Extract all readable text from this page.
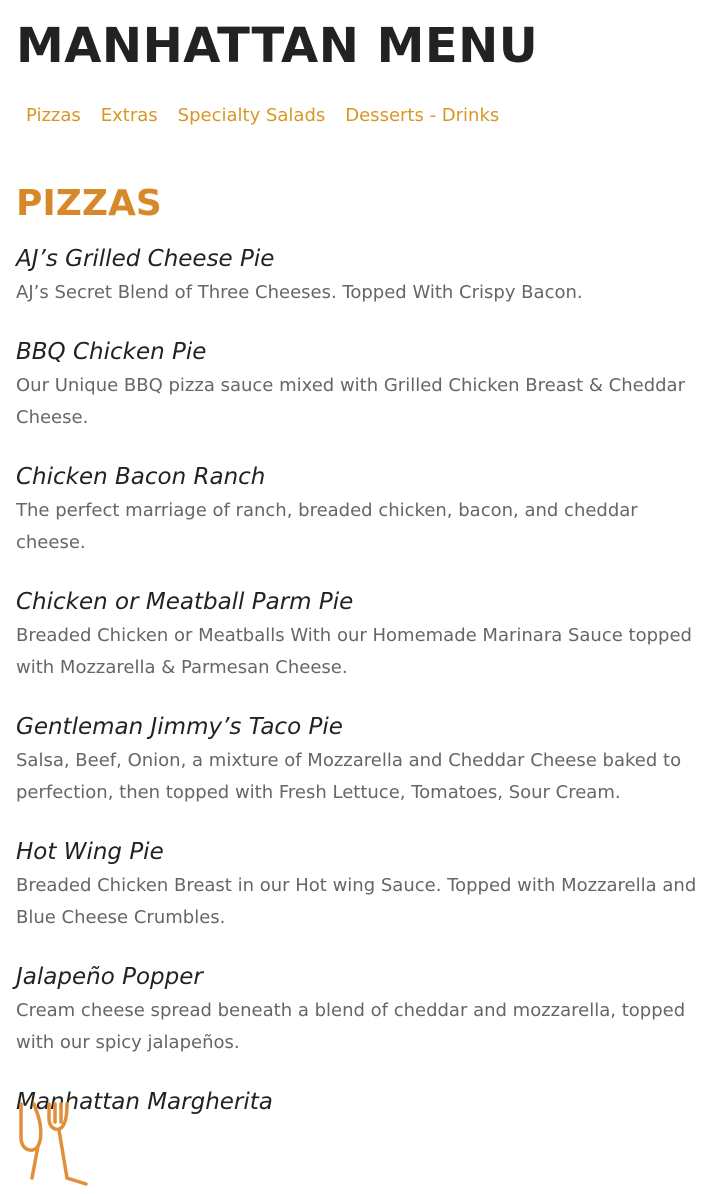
MANHATTAN MENU
Pizzas Extras Specialty Salads Desserts - Drinks
PIZZAS
AJ’s Grilled Cheese Pie
AJ’s Secret Blend of Three Cheeses. Topped With Crispy Bacon.
BBQ Chicken Pie
Our Unique BBQ pizza sauce mixed with Grilled Chicken Breast & Cheddar Cheese.
Chicken Bacon Ranch
The perfect marriage of ranch, breaded chicken, bacon, and cheddar cheese.
Chicken or Meatball Parm Pie
Breaded Chicken or Meatballs With our Homemade Marinara Sauce topped with Mozzarella & Parmesan Cheese.
Gentleman Jimmy’s Taco Pie
Salsa, Beef, Onion, a mixture of Mozzarella and Cheddar Cheese baked to perfection, then topped with Fresh Lettuce, Tomatoes, Sour Cream.
Hot Wing Pie
Breaded Chicken Breast in our Hot wing Sauce. Topped with Mozzarella and Blue Cheese Crumbles.
Jalapeño Popper
Cream cheese spread beneath a blend of cheddar and mozzarella, topped with our spicy jalapeños.
Manhattan Margherita
